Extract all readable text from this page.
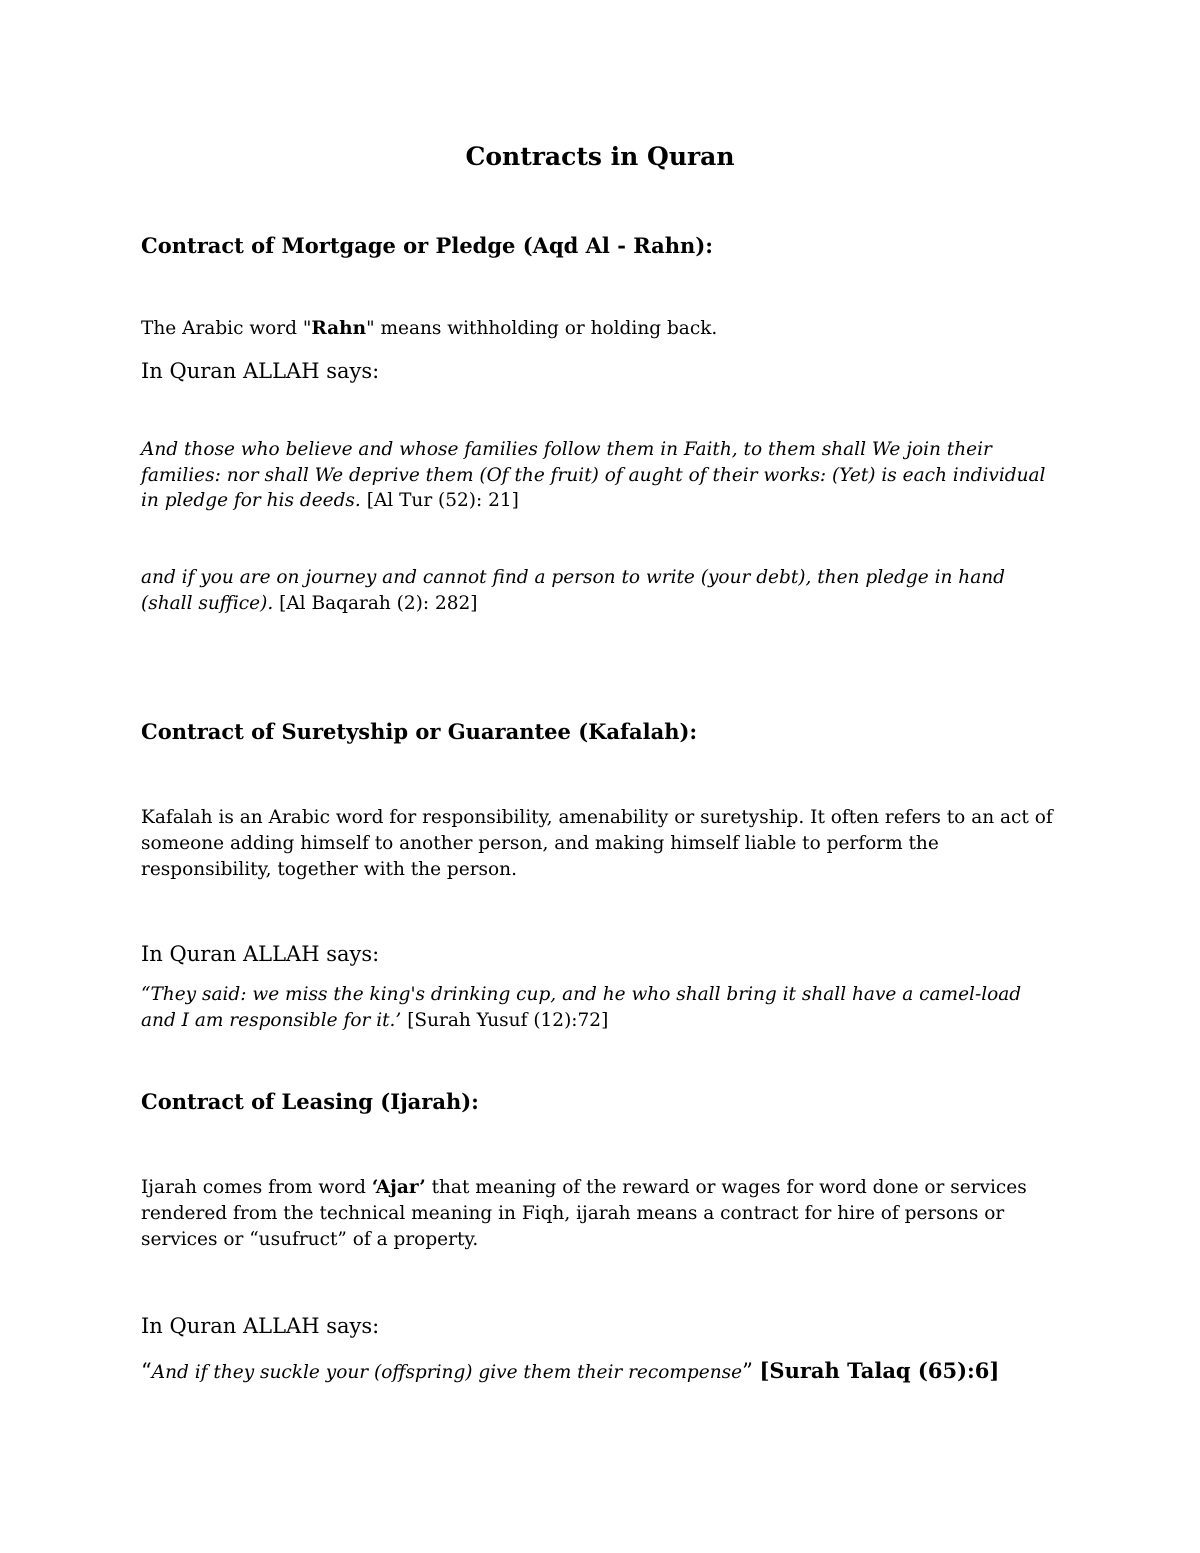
Contracts in Quran
Contract of Mortgage or Pledge (Aqd Al - Rahn):
The Arabic word "Rahn" means withholding or holding back.
In Quran ALLAH says:
And those who believe and whose families follow them in Faith, to them shall We join their families: nor shall We deprive them (Of the fruit) of aught of their works: (Yet) is each individual in pledge for his deeds. [Al Tur (52): 21]
and if you are on journey and cannot find a person to write (your debt), then pledge in hand (shall suffice). [Al Baqarah (2): 282]
Contract of Suretyship or Guarantee (Kafalah):
Kafalah is an Arabic word for responsibility, amenability or suretyship. It often refers to an act of someone adding himself to another person, and making himself liable to perform the responsibility, together with the person.
In Quran ALLAH says:
“They said: we miss the king's drinking cup, and he who shall bring it shall have a camel-load and I am responsible for it.’ [Surah Yusuf (12):72]
Contract of Leasing (Ijarah):
Ijarah comes from word ‘Ajar’ that meaning of the reward or wages for word done or services rendered from the technical meaning in Fiqh, ijarah means a contract for hire of persons or services or “usufruct” of a property.
In Quran ALLAH says:
“And if they suckle your (offspring) give them their recompense” [Surah Talaq (65):6]
